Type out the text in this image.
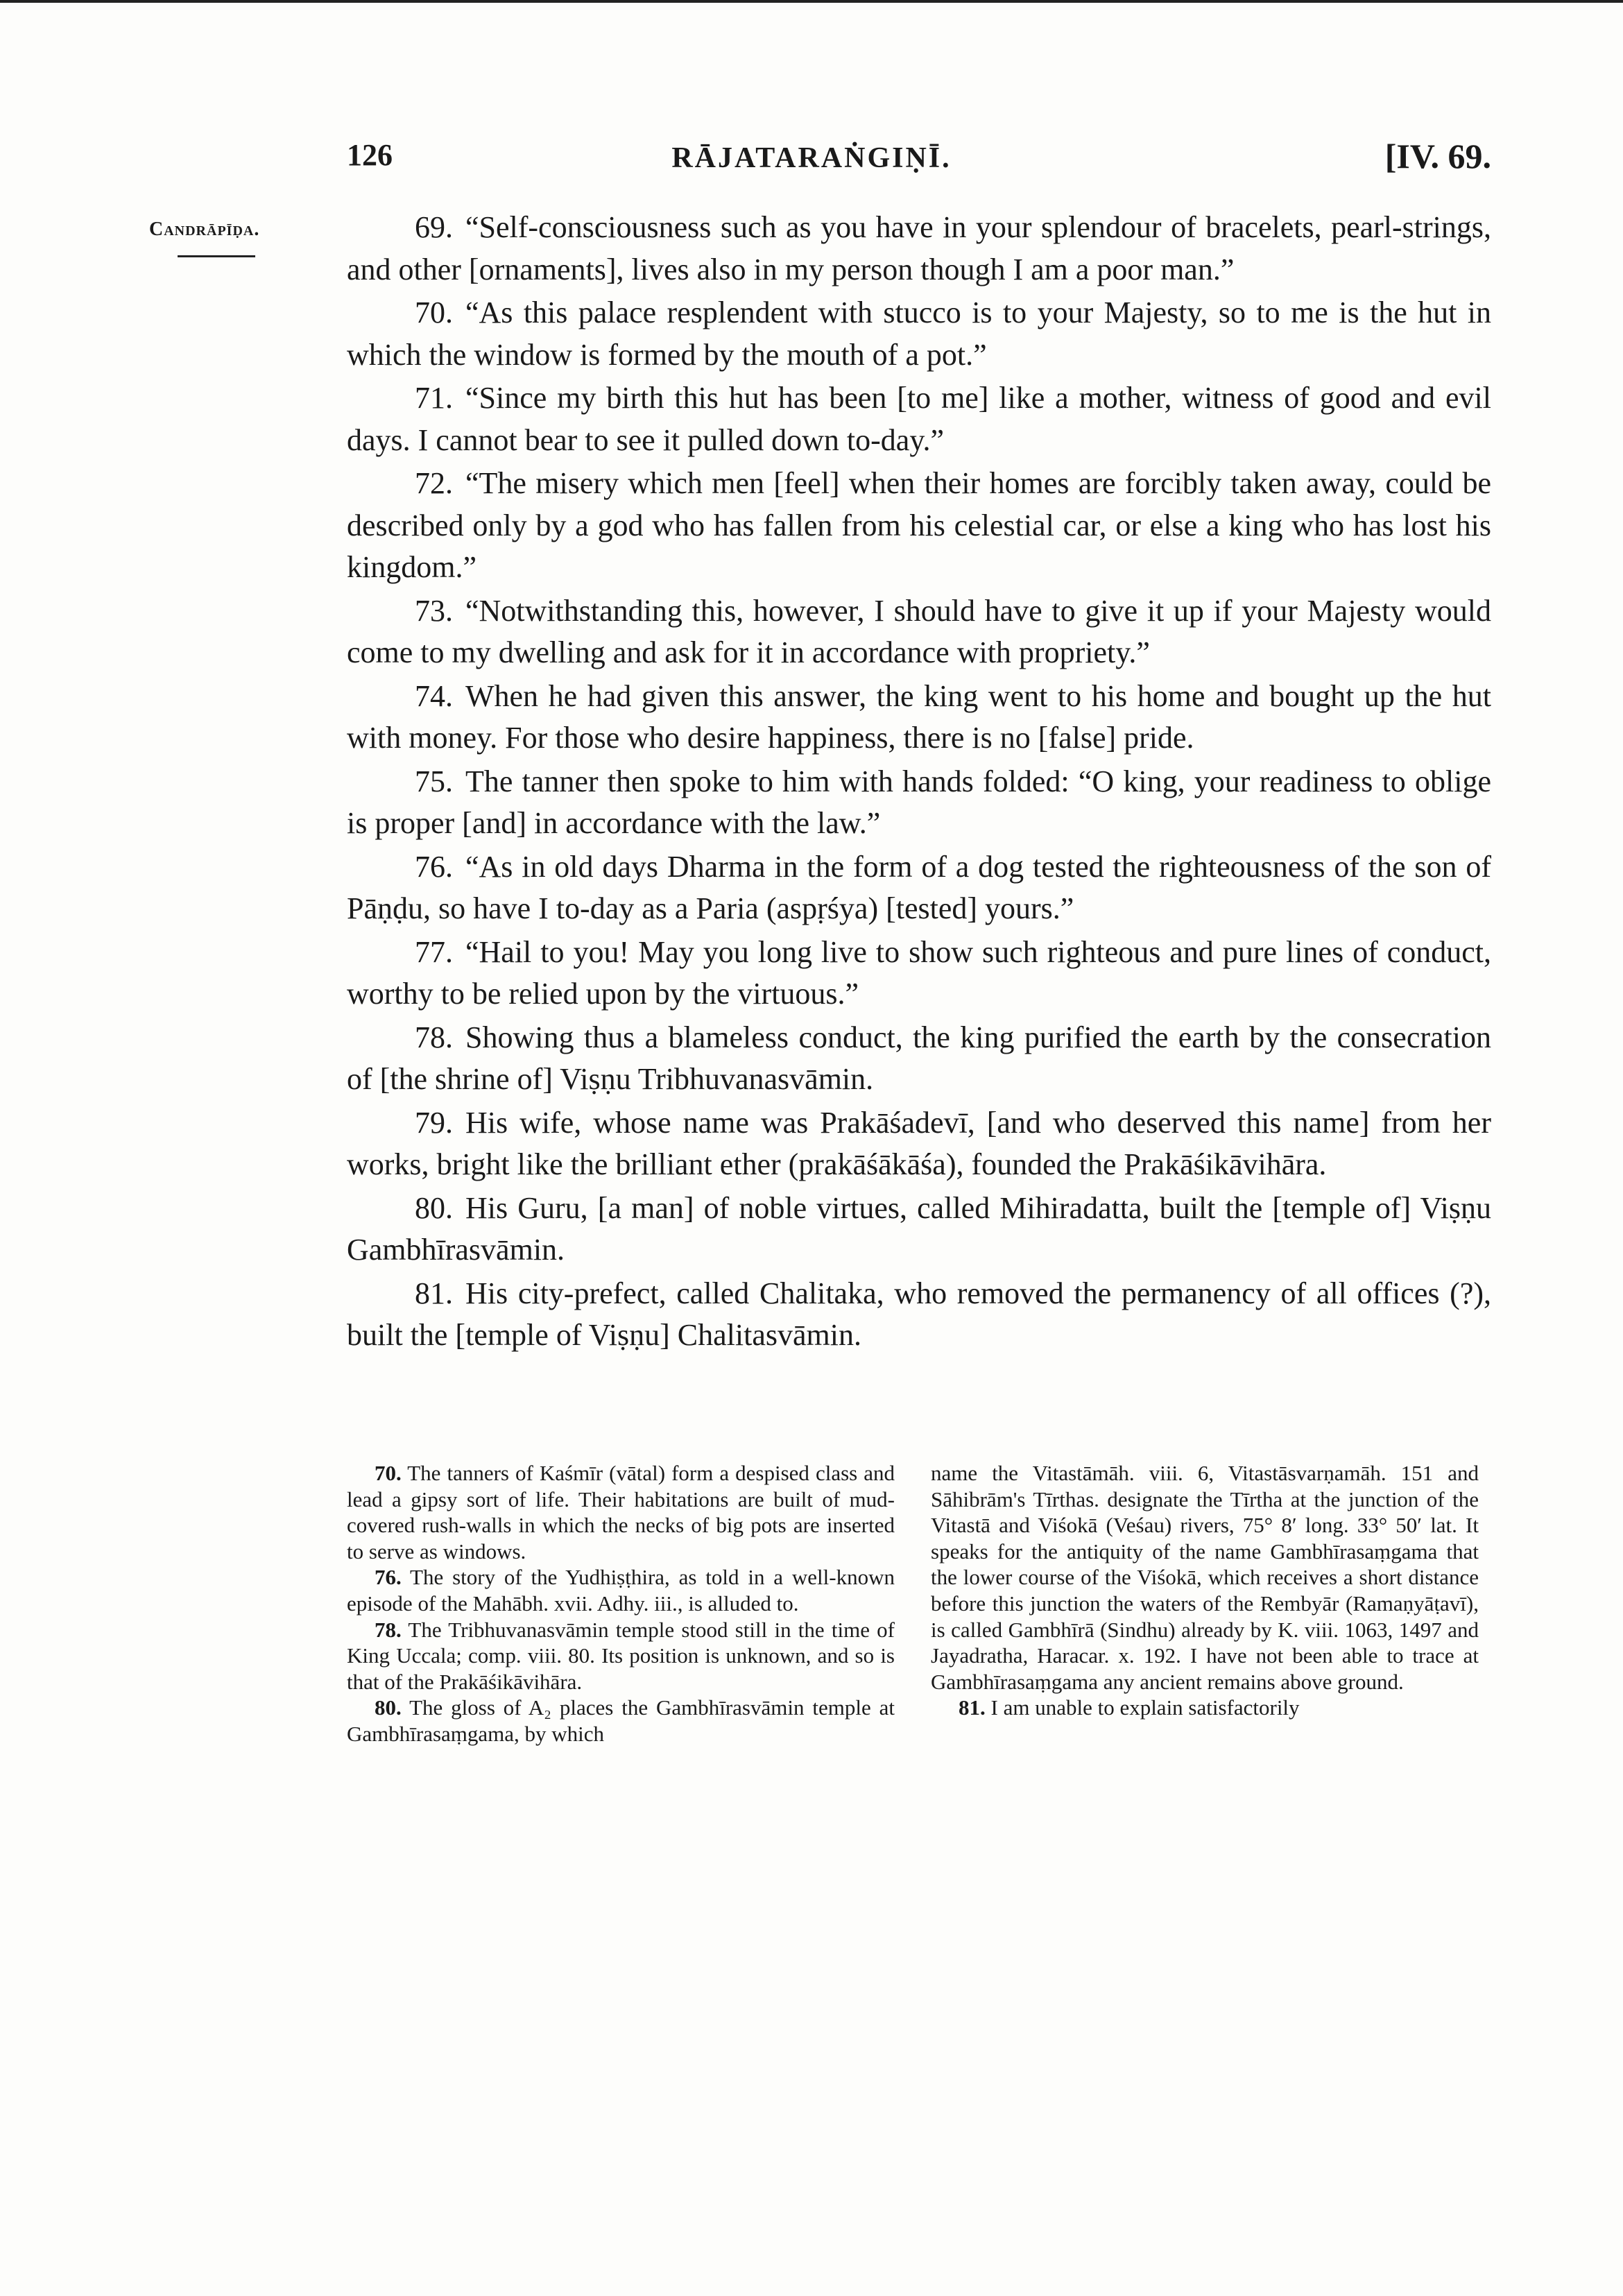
126	RĀJATARAṄGIṆĪ.	[IV. 69.
Candrāpīḍa.	69. “Self-consciousness such as you have in your splendour of bracelets, pearl-strings, and other [ornaments], lives also in my person though I am a poor man.”

70. “As this palace resplendent with stucco is to your Majesty, so to me is the hut in which the window is formed by the mouth of a pot.”

71. “Since my birth this hut has been [to me] like a mother, witness of good and evil days. I cannot bear to see it pulled down to-day.”

72. “The misery which men [feel] when their homes are forcibly taken away, could be described only by a god who has fallen from his celestial car, or else a king who has lost his kingdom.”

73. “Notwithstanding this, however, I should have to give it up if your Majesty would come to my dwelling and ask for it in accordance with propriety.”

74. When he had given this answer, the king went to his home and bought up the hut with money. For those who desire happiness, there is no [false] pride.

75. The tanner then spoke to him with hands folded: “O king, your readiness to oblige is proper [and] in accordance with the law.”

76. “As in old days Dharma in the form of a dog tested the righteousness of the son of Pāṇḍu, so have I to-day as a Paria (aspṛśya) [tested] yours.”

77. “Hail to you! May you long live to show such righteous and pure lines of conduct, worthy to be relied upon by the virtuous.”

78. Showing thus a blameless conduct, the king purified the earth by the consecration of [the shrine of] Viṣṇu Tribhuvanasvāmin.

79. His wife, whose name was Prakāśadevī, [and who deserved this name] from her works, bright like the brilliant ether (prakāśākāśa), founded the Prakāśikāvihāra.

80. His Guru, [a man] of noble virtues, called Mihiradatta, built the [temple of] Viṣṇu Gambhīrasvāmin.

81. His city-prefect, called Chalitaka, who removed the permanency of all offices (?), built the [temple of Viṣṇu] Chalitasvāmin.

70. The tanners of Kaśmīr (vātal) form a despised class and lead a gipsy sort of life. Their habitations are built of mud-covered rush-walls in which the necks of big pots are inserted to serve as windows.

76. The story of the Yudhiṣṭhira, as told in a well-known episode of the Mahābh. xvii. Adhy. iii., is alluded to.

78. The Tribhuvanasvāmin temple stood still in the time of King Uccala; comp. viii. 80. Its position is unknown, and so is that of the Prakāśikāvihāra.

80. The gloss of A₂ places the Gambhīrasvāmin temple at Gambhīrasaṃgama, by which

name the Vitastāmāh. viii. 6, Vitastāsvarṇamāh. 151 and Sāhibrām's Tīrthas. designate the Tīrtha at the junction of the Vitastā and Viśokā (Veśau) rivers, 75° 8′ long. 33° 50′ lat. It speaks for the antiquity of the name Gambhīrasaṃgama that the lower course of the Viśokā, which receives a short distance before this junction the waters of the Rembyār (Ramaṇyāṭavī), is called Gambhīrā (Sindhu) already by K. viii. 1063, 1497 and Jayadratha, Haracar. x. 192. I have not been able to trace at Gambhīrasaṃgama any ancient remains above ground.

81. I am unable to explain satisfactorily
